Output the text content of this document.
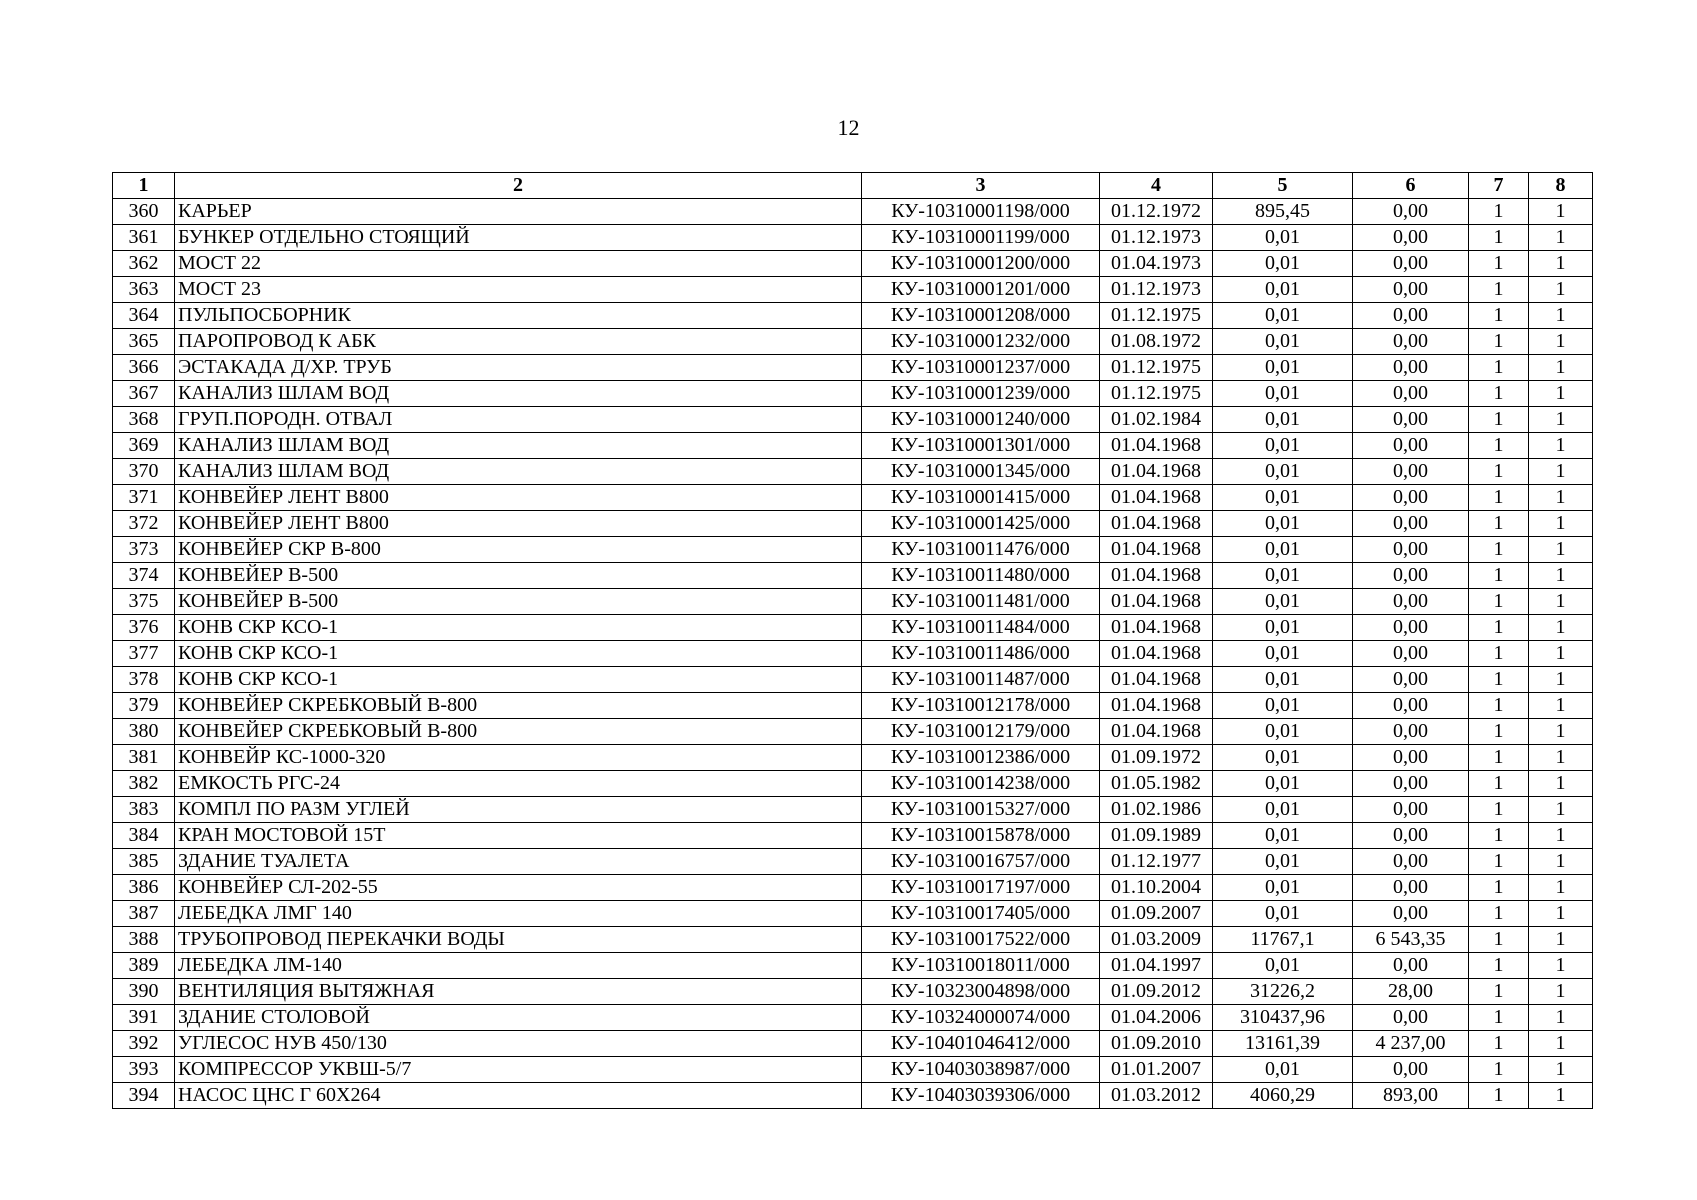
12
1	2	3	4	5	6	7	8
360	КАРЬЕР	КУ-10310001198/000	01.12.1972	895,45	0,00	1	1
361	БУНКЕР ОТДЕЛЬНО СТОЯЩИЙ	КУ-10310001199/000	01.12.1973	0,01	0,00	1	1
362	МОСТ 22	КУ-10310001200/000	01.04.1973	0,01	0,00	1	1
363	МОСТ 23	КУ-10310001201/000	01.12.1973	0,01	0,00	1	1
364	ПУЛЬПОСБОРНИК	КУ-10310001208/000	01.12.1975	0,01	0,00	1	1
365	ПАРОПРОВОД К АБК	КУ-10310001232/000	01.08.1972	0,01	0,00	1	1
366	ЭСТАКАДА Д/ХР. ТРУБ	КУ-10310001237/000	01.12.1975	0,01	0,00	1	1
367	КАНАЛИЗ ШЛАМ ВОД	КУ-10310001239/000	01.12.1975	0,01	0,00	1	1
368	ГРУП.ПОРОДН. ОТВАЛ	КУ-10310001240/000	01.02.1984	0,01	0,00	1	1
369	КАНАЛИЗ ШЛАМ ВОД	КУ-10310001301/000	01.04.1968	0,01	0,00	1	1
370	КАНАЛИЗ ШЛАМ ВОД	КУ-10310001345/000	01.04.1968	0,01	0,00	1	1
371	КОНВЕЙЕР ЛЕНТ В800	КУ-10310001415/000	01.04.1968	0,01	0,00	1	1
372	КОНВЕЙЕР ЛЕНТ В800	КУ-10310001425/000	01.04.1968	0,01	0,00	1	1
373	КОНВЕЙЕР СКР В-800	КУ-10310011476/000	01.04.1968	0,01	0,00	1	1
374	КОНВЕЙЕР В-500	КУ-10310011480/000	01.04.1968	0,01	0,00	1	1
375	КОНВЕЙЕР В-500	КУ-10310011481/000	01.04.1968	0,01	0,00	1	1
376	КОНВ СКР КСО-1	КУ-10310011484/000	01.04.1968	0,01	0,00	1	1
377	КОНВ СКР КСО-1	КУ-10310011486/000	01.04.1968	0,01	0,00	1	1
378	КОНВ СКР КСО-1	КУ-10310011487/000	01.04.1968	0,01	0,00	1	1
379	КОНВЕЙЕР СКРЕБКОВЫЙ В-800	КУ-10310012178/000	01.04.1968	0,01	0,00	1	1
380	КОНВЕЙЕР СКРЕБКОВЫЙ В-800	КУ-10310012179/000	01.04.1968	0,01	0,00	1	1
381	КОНВЕЙР КС-1000-320	КУ-10310012386/000	01.09.1972	0,01	0,00	1	1
382	ЕМКОСТЬ РГС-24	КУ-10310014238/000	01.05.1982	0,01	0,00	1	1
383	КОМПЛ ПО РАЗМ УГЛЕЙ	КУ-10310015327/000	01.02.1986	0,01	0,00	1	1
384	КРАН МОСТОВОЙ 15Т	КУ-10310015878/000	01.09.1989	0,01	0,00	1	1
385	ЗДАНИЕ ТУАЛЕТА	КУ-10310016757/000	01.12.1977	0,01	0,00	1	1
386	КОНВЕЙЕР СЛ-202-55	КУ-10310017197/000	01.10.2004	0,01	0,00	1	1
387	ЛЕБЕДКА ЛМГ 140	КУ-10310017405/000	01.09.2007	0,01	0,00	1	1
388	ТРУБОПРОВОД ПЕРЕКАЧКИ ВОДЫ	КУ-10310017522/000	01.03.2009	11767,1	6 543,35	1	1
389	ЛЕБЕДКА ЛМ-140	КУ-10310018011/000	01.04.1997	0,01	0,00	1	1
390	ВЕНТИЛЯЦИЯ ВЫТЯЖНАЯ	КУ-10323004898/000	01.09.2012	31226,2	28,00	1	1
391	ЗДАНИЕ СТОЛОВОЙ	КУ-10324000074/000	01.04.2006	310437,96	0,00	1	1
392	УГЛЕСОС НУВ 450/130	КУ-10401046412/000	01.09.2010	13161,39	4 237,00	1	1
393	КОМПРЕССОР УКВШ-5/7	КУ-10403038987/000	01.01.2007	0,01	0,00	1	1
394	НАСОС ЦНС Г 60Х264	КУ-10403039306/000	01.03.2012	4060,29	893,00	1	1
